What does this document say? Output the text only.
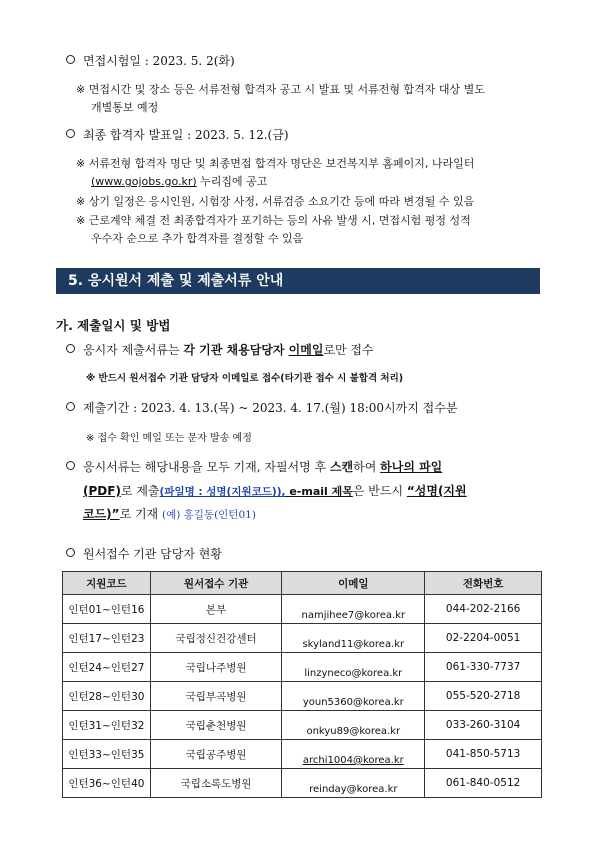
면접시험일 : 2023. 5. 2(화)
※ 면접시간 및 장소 등은 서류전형 합격자 공고 시 발표 및 서류전형 합격자 대상 별도
개별통보 예정
최종 합격자 발표일 : 2023. 5. 12.(금)
※ 서류전형 합격자 명단 및 최종면접 합격자 명단은 보건복지부 홈페이지, 나라일터
(www.gojobs.go.kr) 누리집에 공고
※ 상기 일정은 응시인원, 시험장 사정, 서류검증 소요기간 등에 따라 변경될 수 있음
※ 근로계약 체결 전 최종합격자가 포기하는 등의 사유 발생 시, 면접시험 평정 성적
우수자 순으로 추가 합격자를 결정할 수 있음
5. 응시원서 제출 및 제출서류 안내
가. 제출일시 및 방법
응시자 제출서류는 각 기관 채용담당자 이메일로만 접수
※ 반드시 원서접수 기관 담당자 이메일로 접수(타기관 접수 시 불합격 처리)
제출기간 : 2023. 4. 13.(목) ~ 2023. 4. 17.(월) 18:00시까지 접수분
※ 접수 확인 메일 또는 문자 발송 예정
응시서류는 해당내용을 모두 기재, 자필서명 후 스캔하여 하나의 파일
(PDF)로 제출(파일명 : 성명(지원코드)), e-mail 제목은 반드시 “성명(지원
코드)”로 기재 (예) 홍길동(인턴01)
원서접수 기관 담당자 현황
지원코드	원서접수 기관	이메일	전화번호
인턴01~인턴16	본부	namjihee7@korea.kr	044-202-2166
인턴17~인턴23	국립정신건강센터	skyland11@korea.kr	02-2204-0051
인턴24~인턴27	국립나주병원	linzyneco@korea.kr	061-330-7737
인턴28~인턴30	국립부곡병원	youn5360@korea.kr	055-520-2718
인턴31~인턴32	국립춘천병원	onkyu89@korea.kr	033-260-3104
인턴33~인턴35	국립공주병원	archi1004@korea.kr	041-850-5713
인턴36~인턴40	국립소록도병원	reinday@korea.kr	061-840-0512
